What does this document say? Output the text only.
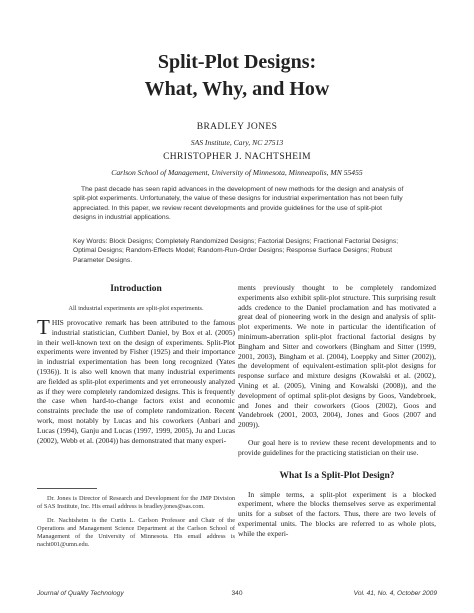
Split-Plot Designs:
What, Why, and How

BRADLEY JONES

SAS Institute, Cary, NC 27513

CHRISTOPHER J. NACHTSHEIM

Carlson School of Management, University of Minnesota, Minneapolis, MN 55455

The past decade has seen rapid advances in the development of new methods for the design and analysis of split-plot experiments. Unfortunately, the value of these designs for industrial experimentation has not been fully appreciated. In this paper, we review recent developments and provide guidelines for the use of split-plot designs in industrial applications.

Key Words: Block Designs; Completely Randomized Designs; Factorial Designs; Fractional Factorial Designs; Optimal Designs; Random-Effects Model; Random-Run-Order Designs; Response Surface Designs; Robust Parameter Designs.

Introduction

All industrial experiments are split-plot experiments.

THIS provocative remark has been attributed to the famous industrial statistician, Cuthbert Daniel, by Box et al. (2005) in their well-known text on the design of experiments. Split-Plot experiments were invented by Fisher (1925) and their importance in industrial experimentation has been long recognized (Yates (1936)). It is also well known that many industrial experiments are fielded as split-plot experiments and yet erroneously analyzed as if they were completely randomized designs. This is frequently the case when hard-to-change factors exist and economic constraints preclude the use of complete randomization. Recent work, most notably by Lucas and his coworkers (Anbari and Lucas (1994), Ganju and Lucas (1997, 1999, 2005), Ju and Lucas (2002), Webb et al. (2004)) has demonstrated that many experi-

Dr. Jones is Director of Research and Development for the JMP Division of SAS Institute, Inc. His email address is bradley.jones@sas.com.

Dr. Nachtsheim is the Curtis L. Carlson Professor and Chair of the Operations and Management Science Department at the Carlson School of Management of the University of Minnesota. His email address is nacht001@umn.edu.

ments previously thought to be completely randomized experiments also exhibit split-plot structure. This surprising result adds credence to the Daniel proclamation and has motivated a great deal of pioneering work in the design and analysis of split-plot experiments. We note in particular the identification of minimum-aberration split-plot fractional factorial designs by Bingham and Sitter and coworkers (Bingham and Sitter (1999, 2001, 2003), Bingham et al. (2004), Loeppky and Sitter (2002)), the development of equivalent-estimation split-plot designs for response surface and mixture designs (Kowalski et al. (2002), Vining et al. (2005), Vining and Kowalski (2008)), and the development of optimal split-plot designs by Goos, Vandebroek, and Jones and their coworkers (Goos (2002), Goos and Vandebroek (2001, 2003, 2004), Jones and Goos (2007 and 2009)).

Our goal here is to review these recent developments and to provide guidelines for the practicing statistician on their use.

What Is a Split-Plot Design?

In simple terms, a split-plot experiment is a blocked experiment, where the blocks themselves serve as experimental units for a subset of the factors. Thus, there are two levels of experimental units. The blocks are referred to as whole plots, while the experi-

Journal of Quality Technology	340	Vol. 41, No. 4, October 2009
